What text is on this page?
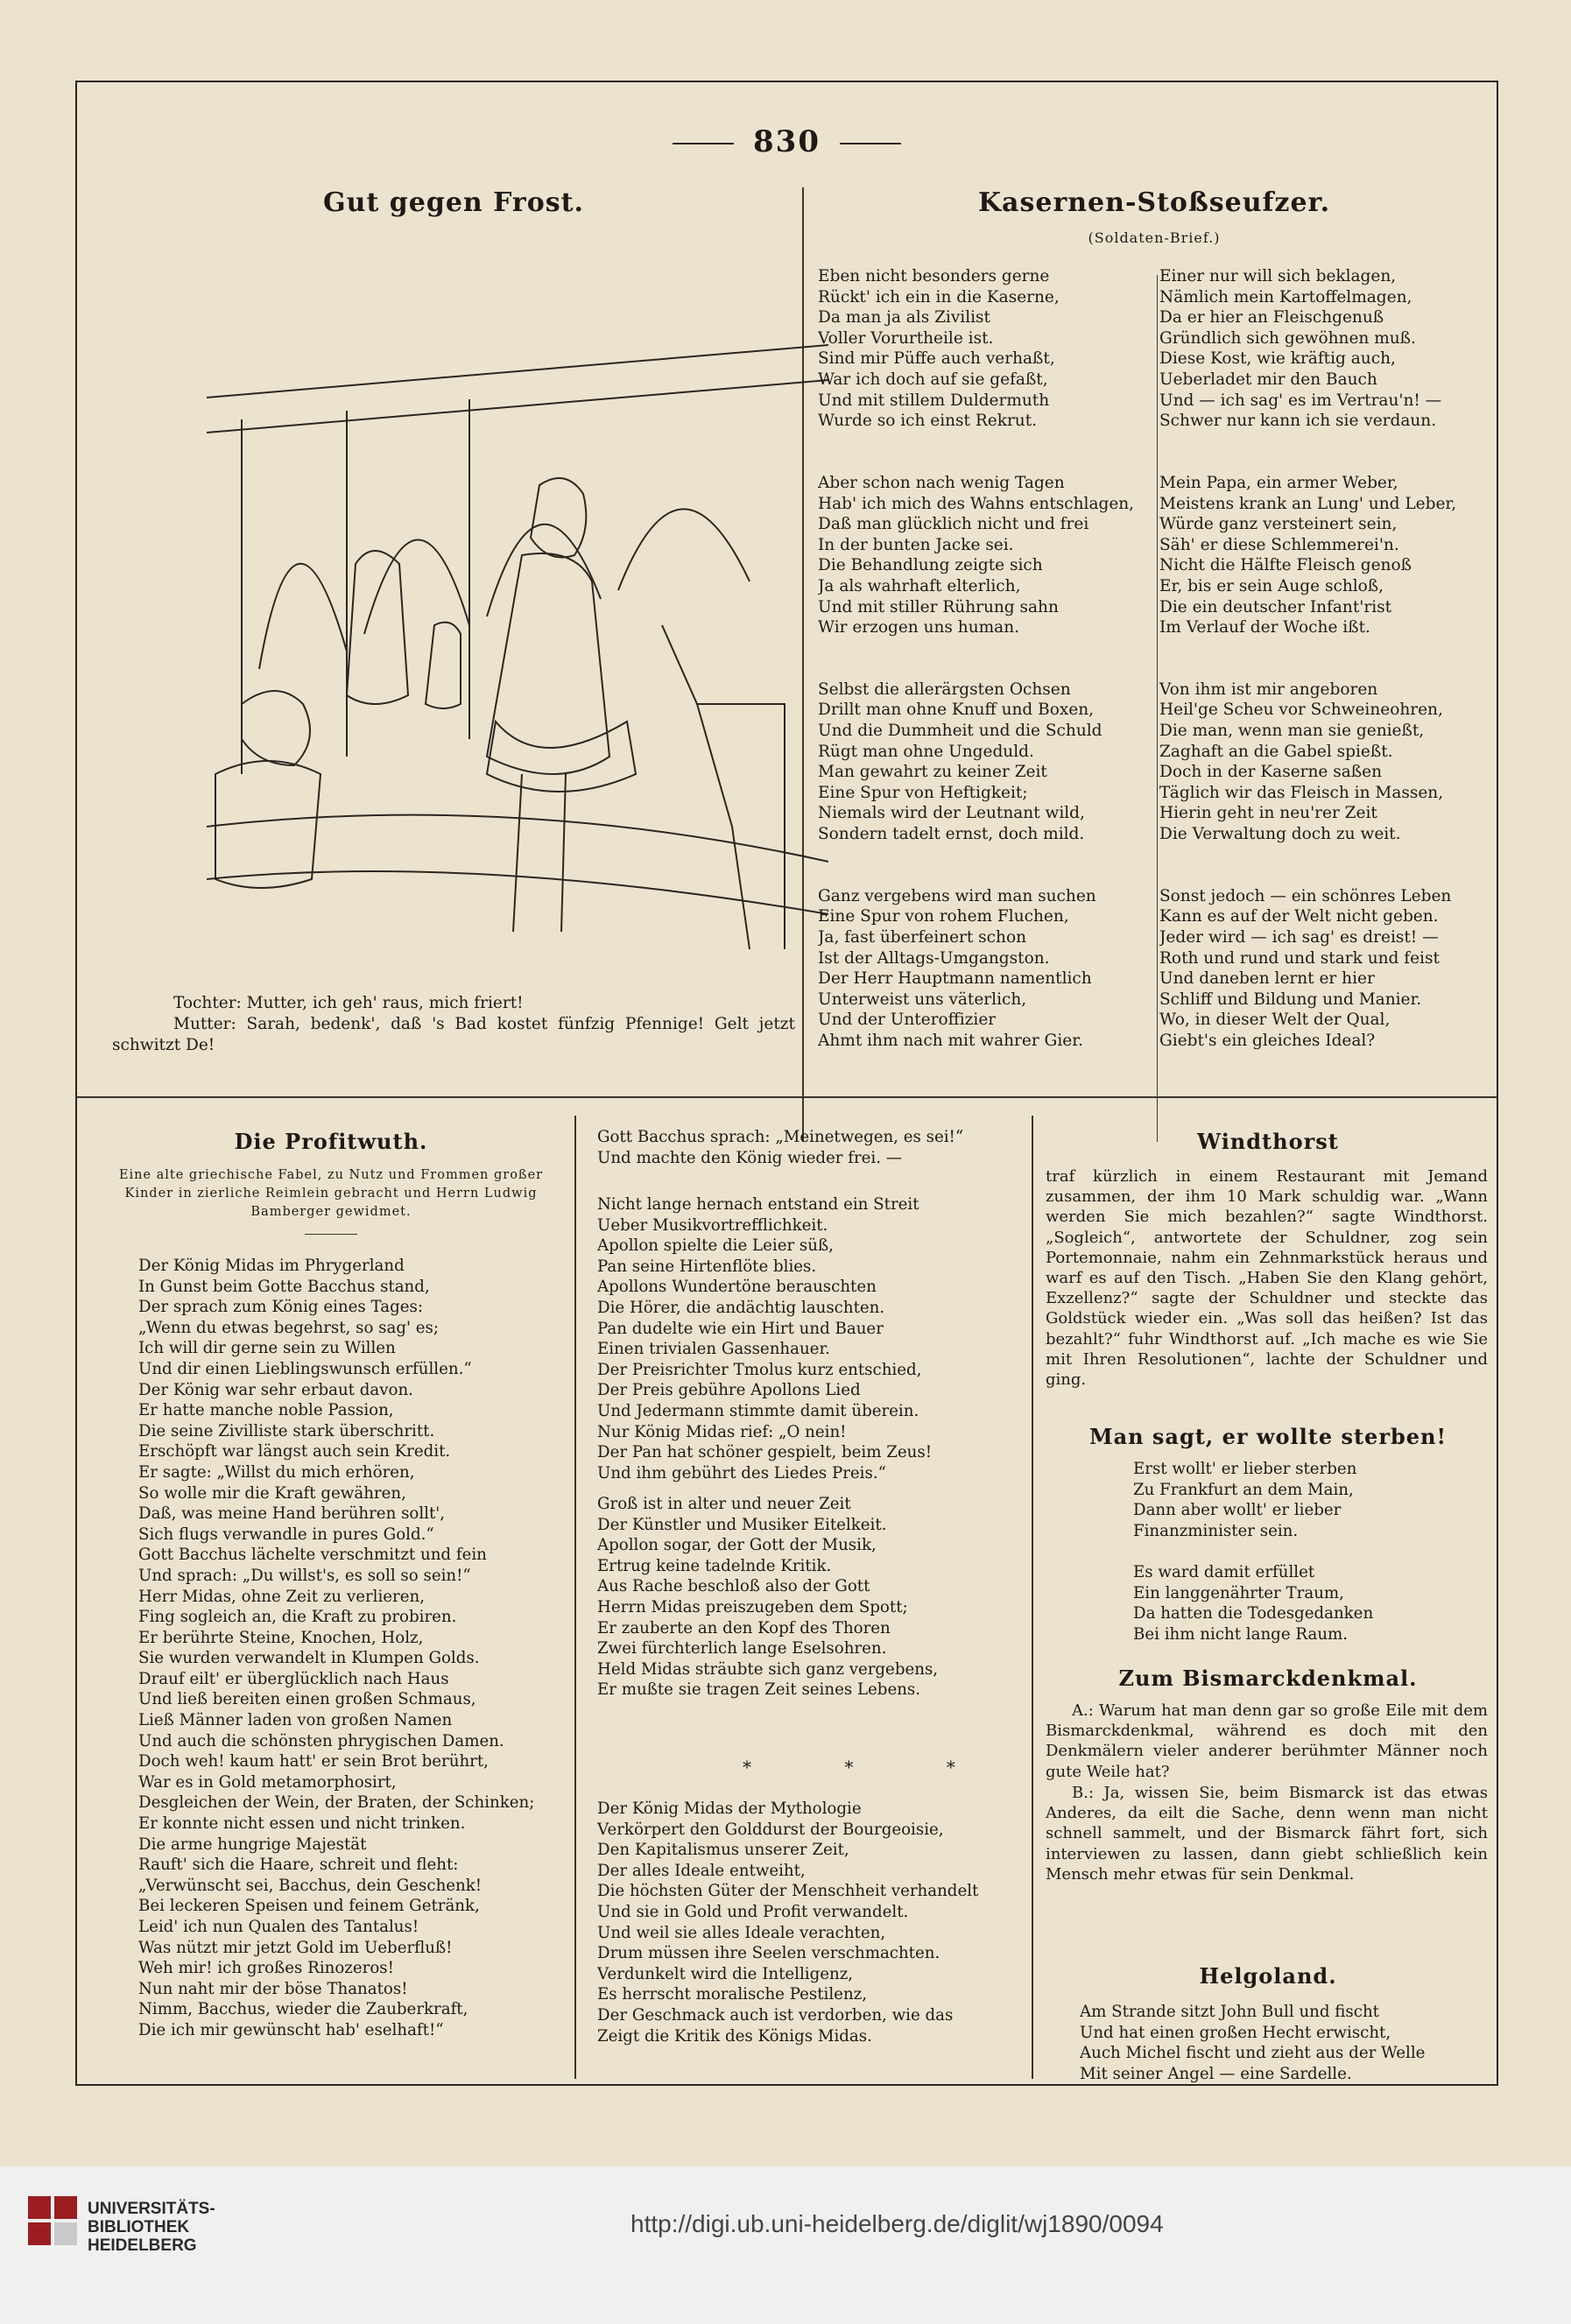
830
Gut gegen Frost.
Tochter: Mutter, ich geh' raus, mich friert!
Mutter: Sarah, bedenk', daß 's Bad kostet fünfzig Pfennige! Gelt jetzt schwitzt De!
Kasernen-Stoßseufzer.
(Soldaten-Brief.)
Eben nicht besonders gerne
Rückt' ich ein in die Kaserne,
Da man ja als Zivilist
Voller Vorurtheile ist.
Sind mir Püffe auch verhaßt,
War ich doch auf sie gefaßt,
Und mit stillem Duldermuth
Wurde so ich einst Rekrut.
Aber schon nach wenig Tagen
Hab' ich mich des Wahns entschlagen,
Daß man glücklich nicht und frei
In der bunten Jacke sei.
Die Behandlung zeigte sich
Ja als wahrhaft elterlich,
Und mit stiller Rührung sahn
Wir erzogen uns human.
Selbst die allerärgsten Ochsen
Drillt man ohne Knuff und Boxen,
Und die Dummheit und die Schuld
Rügt man ohne Ungeduld.
Man gewahrt zu keiner Zeit
Eine Spur von Heftigkeit;
Niemals wird der Leutnant wild,
Sondern tadelt ernst, doch mild.
Ganz vergebens wird man suchen
Eine Spur von rohem Fluchen,
Ja, fast überfeinert schon
Ist der Alltags-Umgangston.
Der Herr Hauptmann namentlich
Unterweist uns väterlich,
Und der Unteroffizier
Ahmt ihm nach mit wahrer Gier.
Einer nur will sich beklagen,
Nämlich mein Kartoffelmagen,
Da er hier an Fleischgenuß
Gründlich sich gewöhnen muß.
Diese Kost, wie kräftig auch,
Ueberladet mir den Bauch
Und — ich sag' es im Vertrau'n! —
Schwer nur kann ich sie verdaun.
Mein Papa, ein armer Weber,
Meistens krank an Lung' und Leber,
Würde ganz versteinert sein,
Säh' er diese Schlemmerei'n.
Nicht die Hälfte Fleisch genoß
Er, bis er sein Auge schloß,
Die ein deutscher Infant'rist
Im Verlauf der Woche ißt.
Von ihm ist mir angeboren
Heil'ge Scheu vor Schweineohren,
Die man, wenn man sie genießt,
Zaghaft an die Gabel spießt.
Doch in der Kaserne saßen
Täglich wir das Fleisch in Massen,
Hierin geht in neu'rer Zeit
Die Verwaltung doch zu weit.
Sonst jedoch — ein schönres Leben
Kann es auf der Welt nicht geben.
Jeder wird — ich sag' es dreist! —
Roth und rund und stark und feist
Und daneben lernt er hier
Schliff und Bildung und Manier.
Wo, in dieser Welt der Qual,
Giebt's ein gleiches Ideal?
Die Profitwuth.
Eine alte griechische Fabel, zu Nutz und Frommen großer Kinder in zierliche Reimlein gebracht und Herrn Ludwig Bamberger gewidmet.
Der König Midas im Phrygerland
In Gunst beim Gotte Bacchus stand,
Der sprach zum König eines Tages:
„Wenn du etwas begehrst, so sag' es;
Ich will dir gerne sein zu Willen
Und dir einen Lieblingswunsch erfüllen.“
Der König war sehr erbaut davon.
Er hatte manche noble Passion,
Die seine Zivilliste stark überschritt.
Erschöpft war längst auch sein Kredit.
Er sagte: „Willst du mich erhören,
So wolle mir die Kraft gewähren,
Daß, was meine Hand berühren sollt',
Sich flugs verwandle in pures Gold.“
Gott Bacchus lächelte verschmitzt und fein
Und sprach: „Du willst's, es soll so sein!“
Herr Midas, ohne Zeit zu verlieren,
Fing sogleich an, die Kraft zu probiren.
Er berührte Steine, Knochen, Holz,
Sie wurden verwandelt in Klumpen Golds.
Drauf eilt' er überglücklich nach Haus
Und ließ bereiten einen großen Schmaus,
Ließ Männer laden von großen Namen
Und auch die schönsten phrygischen Damen.
Doch weh! kaum hatt' er sein Brot berührt,
War es in Gold metamorphosirt,
Desgleichen der Wein, der Braten, der Schinken;
Er konnte nicht essen und nicht trinken.
Die arme hungrige Majestät
Rauft' sich die Haare, schreit und fleht:
„Verwünscht sei, Bacchus, dein Geschenk!
Bei leckeren Speisen und feinem Getränk,
Leid' ich nun Qualen des Tantalus!
Was nützt mir jetzt Gold im Ueberfluß!
Weh mir! ich großes Rinozeros!
Nun naht mir der böse Thanatos!
Nimm, Bacchus, wieder die Zauberkraft,
Die ich mir gewünscht hab' eselhaft!“
Gott Bacchus sprach: „Meinetwegen, es sei!“
Und machte den König wieder frei. —
Nicht lange hernach entstand ein Streit
Ueber Musikvortrefflichkeit.
Apollon spielte die Leier süß,
Pan seine Hirtenflöte blies.
Apollons Wundertöne berauschten
Die Hörer, die andächtig lauschten.
Pan dudelte wie ein Hirt und Bauer
Einen trivialen Gassenhauer.
Der Preisrichter Tmolus kurz entschied,
Der Preis gebühre Apollons Lied
Und Jedermann stimmte damit überein.
Nur König Midas rief: „O nein!
Der Pan hat schöner gespielt, beim Zeus!
Und ihm gebührt des Liedes Preis.“
Groß ist in alter und neuer Zeit
Der Künstler und Musiker Eitelkeit.
Apollon sogar, der Gott der Musik,
Ertrug keine tadelnde Kritik.
Aus Rache beschloß also der Gott
Herrn Midas preiszugeben dem Spott;
Er zauberte an den Kopf des Thoren
Zwei fürchterlich lange Eselsohren.
Held Midas sträubte sich ganz vergebens,
Er mußte sie tragen Zeit seines Lebens.
* * *
Der König Midas der Mythologie
Verkörpert den Golddurst der Bourgeoisie,
Den Kapitalismus unserer Zeit,
Der alles Ideale entweiht,
Die höchsten Güter der Menschheit verhandelt
Und sie in Gold und Profit verwandelt.
Und weil sie alles Ideale verachten,
Drum müssen ihre Seelen verschmachten.
Verdunkelt wird die Intelligenz,
Es herrscht moralische Pestilenz,
Der Geschmack auch ist verdorben, wie das
Zeigt die Kritik des Königs Midas.
Windthorst
traf kürzlich in einem Restaurant mit Jemand zusammen, der ihm 10 Mark schuldig war. „Wann werden Sie mich bezahlen?“ sagte Windthorst. „Sogleich“, antwortete der Schuldner, zog sein Portemonnaie, nahm ein Zehnmarkstück heraus und warf es auf den Tisch. „Haben Sie den Klang gehört, Exzellenz?“ sagte der Schuldner und steckte das Goldstück wieder ein. „Was soll das heißen? Ist das bezahlt?“ fuhr Windthorst auf. „Ich mache es wie Sie mit Ihren Resolutionen“, lachte der Schuldner und ging.
Man sagt, er wollte sterben!
Erst wollt' er lieber sterben
Zu Frankfurt an dem Main,
Dann aber wollt' er lieber
Finanzminister sein.
Es ward damit erfüllet
Ein langgenährter Traum,
Da hatten die Todesgedanken
Bei ihm nicht lange Raum.
Zum Bismarckdenkmal.
A.: Warum hat man denn gar so große Eile mit dem Bismarckdenkmal, während es doch mit den Denkmälern vieler anderer berühmter Männer noch gute Weile hat?
B.: Ja, wissen Sie, beim Bismarck ist das etwas Anderes, da eilt die Sache, denn wenn man nicht schnell sammelt, und der Bismarck fährt fort, sich interviewen zu lassen, dann giebt schließlich kein Mensch mehr etwas für sein Denkmal.
Helgoland.
Am Strande sitzt John Bull und fischt
Und hat einen großen Hecht erwischt,
Auch Michel fischt und zieht aus der Welle
Mit seiner Angel — eine Sardelle.
UNIVERSITÄTS-
BIBLIOTHEK
HEIDELBERG
http://digi.ub.uni-heidelberg.de/diglit/wj1890/0094
